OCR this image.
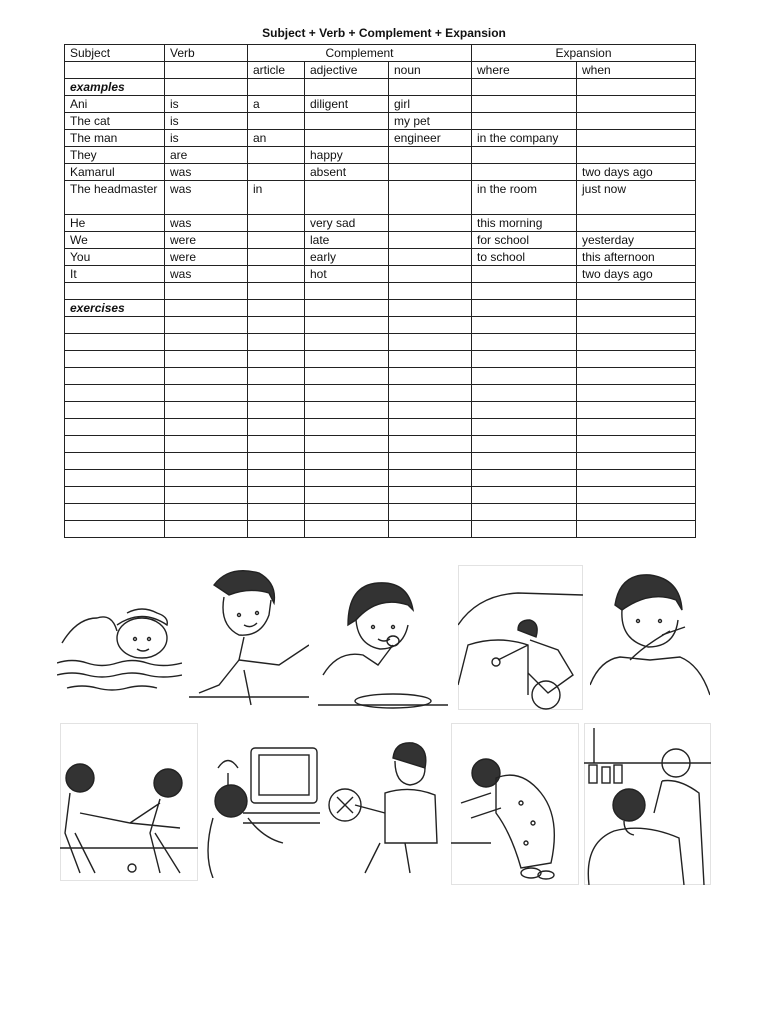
Subject + Verb + Complement + Expansion
Subject	Verb	Complement			Expansion	
		article	adjective	noun	where	when
examples						
Ani	is	a	diligent	girl		
The cat	is			my pet		
The man	is	an		engineer	in the company	
They	are		happy			
Kamarul	was		absent			two days ago
The headmaster	was	in			in the room	just now
He	was		very sad		this morning	
We	were		late		for school	yesterday
You	were		early		to school	this afternoon
It	was		hot			two days ago

exercises						
